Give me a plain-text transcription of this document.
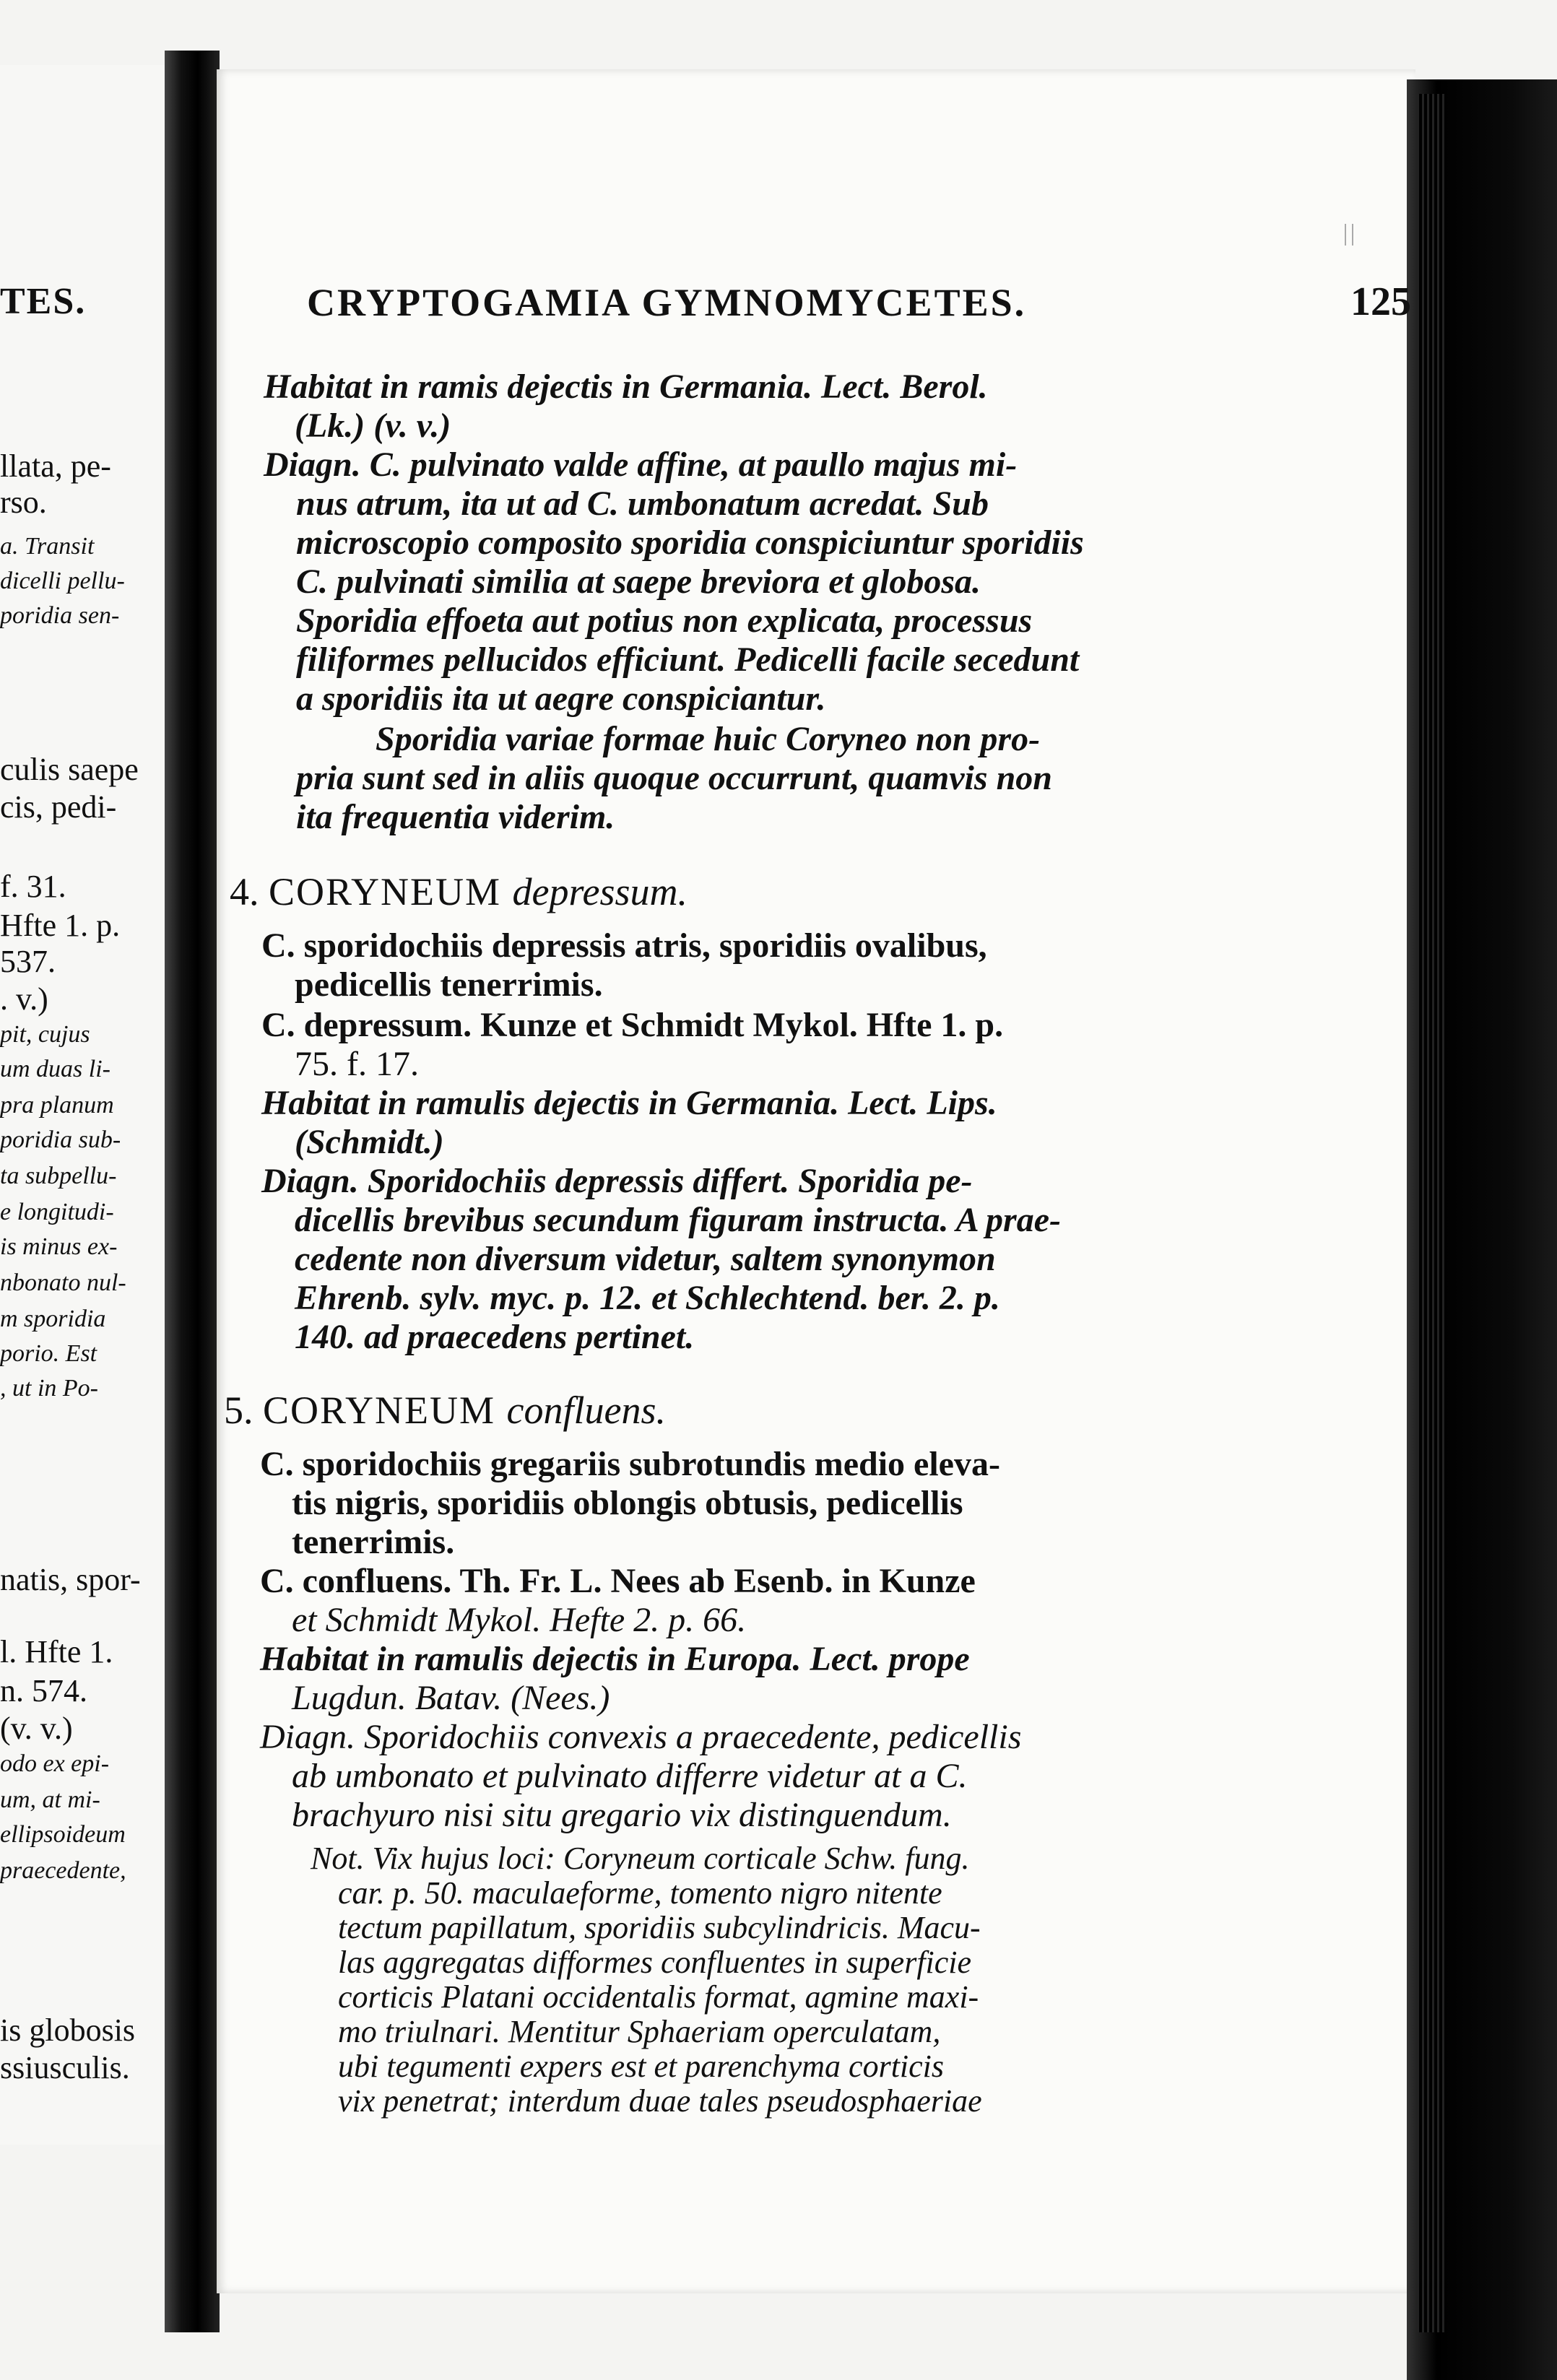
TES.
llata, pe-
rso.
a. Transit
dicelli pellu-
poridia sen-
culis saepe
cis, pedi-
f. 31.
Hfte 1. p.
537.
. v.)
pit, cujus
um duas li-
pra planum
poridia sub-
ta subpellu-
e longitudi-
is minus ex-
nbonato nul-
m sporidia
porio. Est
, ut in Po-
natis, spor-
l. Hfte 1.
n. 574.
(v. v.)
odo ex epi-
um, at mi-
ellipsoideum
praecedente,
is globosis
ssiusculis.
CRYPTOGAMIA GYMNOMYCETES.	125
Habitat in ramis dejectis in Germania. Lect. Berol.
(Lk.) (v. v.)
Diagn. C. pulvinato valde affine, at paullo majus mi-
nus atrum, ita ut ad C. umbonatum acredat. Sub
microscopio composito sporidia conspiciuntur sporidiis
C. pulvinati similia at saepe breviora et globosa.
Sporidia effoeta aut potius non explicata, processus
filiformes pellucidos efficiunt. Pedicelli facile secedunt
a sporidiis ita ut aegre conspiciantur.
Sporidia variae formae huic Coryneo non pro-
pria sunt sed in aliis quoque occurrunt, quamvis non
ita frequentia viderim.
C. sporidochiis depressis atris, sporidiis ovalibus,
pedicellis tenerrimis.
C. depressum. Kunze et Schmidt Mykol. Hfte 1. p.
75. f. 17.
Habitat in ramulis dejectis in Germania. Lect. Lips.
(Schmidt.)
Diagn. Sporidochiis depressis differt. Sporidia pe-
dicellis brevibus secundum figuram instructa. A prae-
cedente non diversum videtur, saltem synonymon
Ehrenb. sylv. myc. p. 12. et Schlechtend. ber. 2. p.
140. ad praecedens pertinet.
C. sporidochiis gregariis subrotundis medio eleva-
tis nigris, sporidiis oblongis obtusis, pedicellis
tenerrimis.
C. confluens. Th. Fr. L. Nees ab Esenb. in Kunze
et Schmidt Mykol. Hefte 2. p. 66.
Habitat in ramulis dejectis in Europa. Lect. prope
Lugdun. Batav. (Nees.)
Diagn. Sporidochiis convexis a praecedente, pedicellis
ab umbonato et pulvinato differre videtur at a C.
brachyuro nisi situ gregario vix distinguendum.
Not. Vix hujus loci: Coryneum corticale Schw. fung.
car. p. 50. maculaeforme, tomento nigro nitente
tectum papillatum, sporidiis subcylindricis. Macu-
las aggregatas difformes confluentes in superficie
corticis Platani occidentalis format, agmine maxi-
mo triulnari. Mentitur Sphaeriam operculatam,
ubi tegumenti expers est et parenchyma corticis
vix penetrat; interdum duae tales pseudosphaeriae
4. CORYNEUM depressum.
5. CORYNEUM confluens.
